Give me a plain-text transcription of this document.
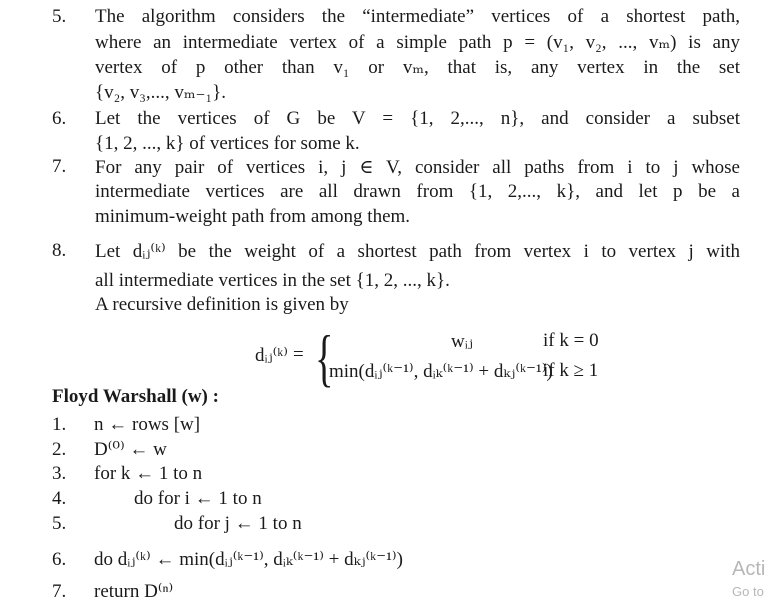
5.	The algorithm considers the “intermediate” vertices of a shortest path,
where an intermediate vertex of a simple path p = (v₁, v₂, ..., vₘ) is any
vertex of p other than v₁ or vₘ, that is, any vertex in the set
{v₂, v₃,..., vₘ₋₁}.
6.	Let the vertices of G be V = {1, 2,..., n}, and consider a subset
{1, 2, ..., k} of vertices for some k.
7.	For any pair of vertices i, j ∈ V, consider all paths from i to j whose
intermediate vertices are all drawn from {1, 2,..., k}, and let p be a
minimum-weight path from among them.
8.	Let dᵢⱼ⁽ᵏ⁾ be the weight of a shortest path from vertex i to vertex j with
all intermediate vertices in the set {1, 2, ..., k}.
A recursive definition is given by
dᵢⱼ⁽ᵏ⁾ = {	wᵢⱼ	if k = 0
min(dᵢⱼ⁽ᵏ⁻¹⁾, dᵢₖ⁽ᵏ⁻¹⁾ + dₖⱼ⁽ᵏ⁻¹⁾)
if k ≥ 1
Floyd Warshall (w) :
1. n ← rows [w]
2. D⁽⁰⁾ ← w
3. for k ← 1 to n
4.	do for i ← 1 to n
5.	do for j ← 1 to n
6. do dᵢⱼ⁽ᵏ⁾ ← min(dᵢⱼ⁽ᵏ⁻¹⁾, dᵢₖ⁽ᵏ⁻¹⁾ + dₖⱼ⁽ᵏ⁻¹⁾)
7. return D⁽ⁿ⁾
Acti
Go to
